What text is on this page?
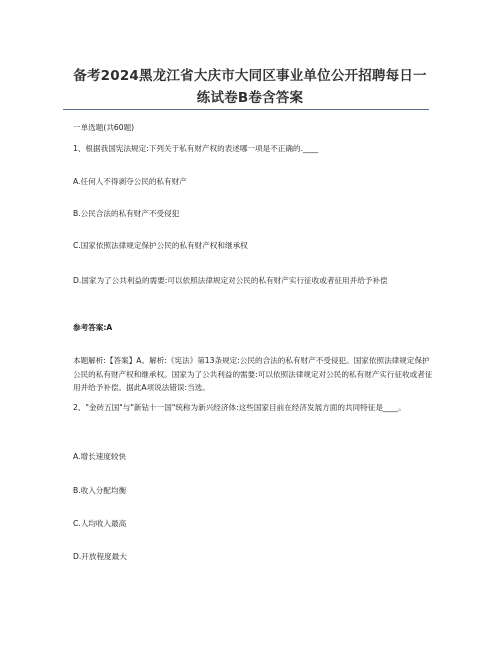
备考2024黑龙江省大庆市大同区事业单位公开招聘每日一
练试卷B卷含答案
一单选题(共60题)
1、根据我国宪法规定:下列关于私有财产权的表述哪一项是不正确的.____
A.任何人不得剥夺公民的私有财产
B.公民合法的私有财产不受侵犯
C.国家依照法律规定保护公民的私有财产权和继承权
D.国家为了公共利益的需要:可以依照法律规定对公民的私有财产实行征收或者征用并给予补偿
参考答案:A
本题解析:【答案】A。解析:《宪法》第13条规定:公民的合法的私有财产不受侵犯。国家依照法律规定保护公民的私有财产权和继承权。国家为了公共利益的需要:可以依照法律规定对公民的私有财产实行征收或者征用并给予补偿。据此A项说法错误:当选。
2、"金砖五国"与"新钻十一国"统称为新兴经济体:这些国家目前在经济发展方面的共同特征是____。
A.增长速度较快
B.收入分配均衡
C.人均收入最高
D.开放程度最大
